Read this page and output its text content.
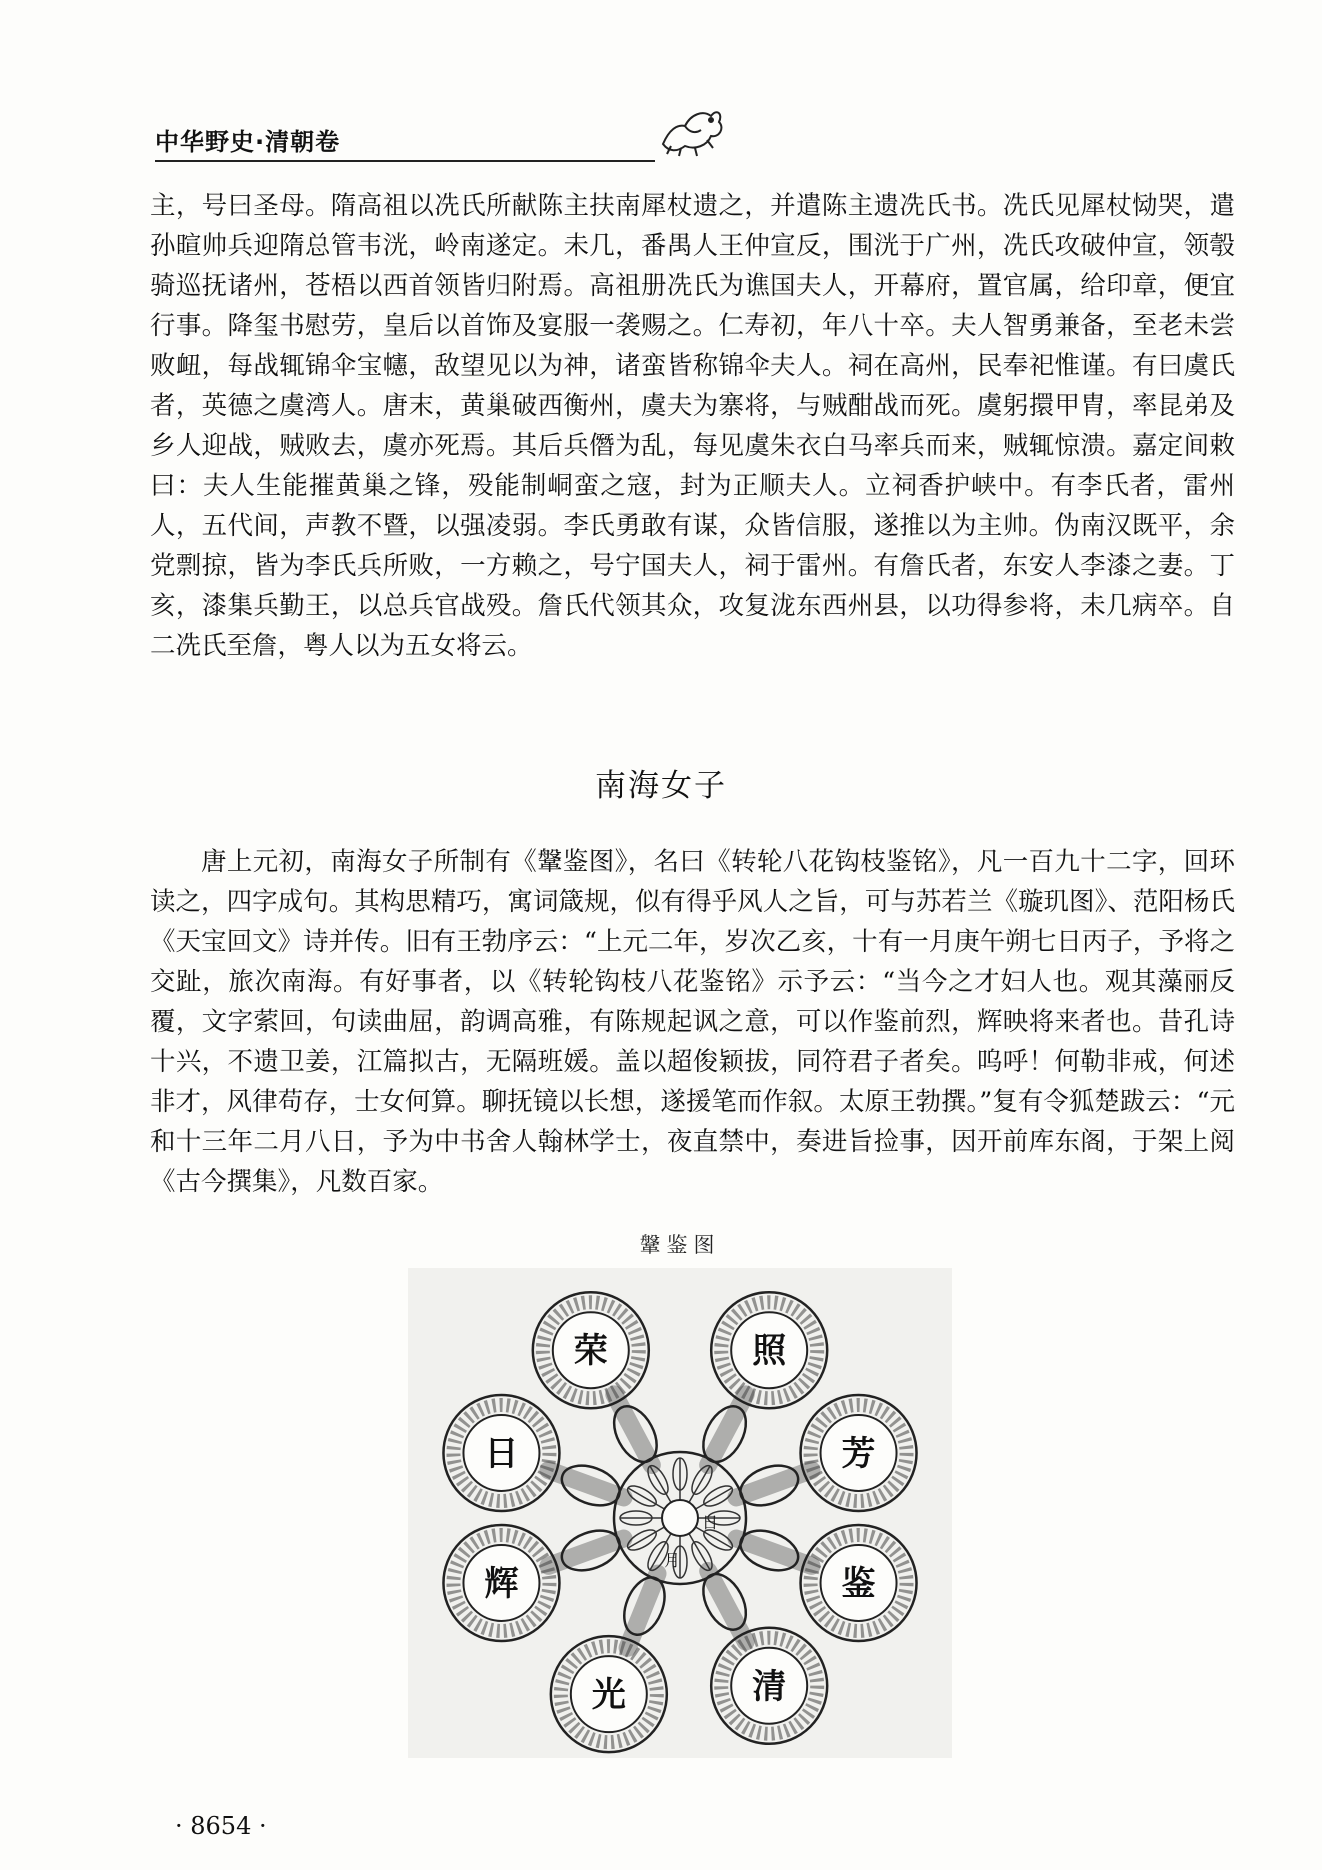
中华野史·清朝卷

主，号曰圣母。隋高祖以冼氏所献陈主扶南犀杖遗之，并遣陈主遗冼氏书。冼氏见犀杖恸哭，遣孙暄帅兵迎隋总管韦洸，岭南遂定。未几，番禺人王仲宣反，围洸于广州，冼氏攻破仲宣，领彀骑巡抚诸州，苍梧以西首领皆归附焉。高祖册冼氏为谯国夫人，开幕府，置官属，给印章，便宜行事。降玺书慰劳，皇后以首饰及宴服一袭赐之。仁寿初，年八十卒。夫人智勇兼备，至老未尝败衄，每战辄锦伞宝幰，敌望见以为神，诸蛮皆称锦伞夫人。祠在高州，民奉祀惟谨。有曰虞氏者，英德之虞湾人。唐末，黄巢破西衡州，虞夫为寨将，与贼酣战而死。虞躬擐甲胄，率昆弟及乡人迎战，贼败去，虞亦死焉。其后兵僭为乱，每见虞朱衣白马率兵而来，贼辄惊溃。嘉定间敕曰：夫人生能摧黄巢之锋，殁能制峒蛮之寇，封为正顺夫人。立祠香护峡中。有李氏者，雷州人，五代间，声教不暨，以强凌弱。李氏勇敢有谋，众皆信服，遂推以为主帅。伪南汉既平，余党剽掠，皆为李氏兵所败，一方赖之，号宁国夫人，祠于雷州。有詹氏者，东安人李漆之妻。丁亥，漆集兵勤王，以总兵官战殁。詹氏代领其众，攻复泷东西州县，以功得参将，未几病卒。自二冼氏至詹，粤人以为五女将云。

南海女子

唐上元初，南海女子所制有《鞶鉴图》，名曰《转轮八花钩枝鉴铭》，凡一百九十二字，回环读之，四字成句。其构思精巧，寓词箴规，似有得乎风人之旨，可与苏若兰《璇玑图》、范阳杨氏《天宝回文》诗并传。旧有王勃序云：“上元二年，岁次乙亥，十有一月庚午朔七日丙子，予将之交趾，旅次南海。有好事者，以《转轮钩枝八花鉴铭》示予云：“当今之才妇人也。观其藻丽反覆，文字萦回，句读曲屈，韵调高雅，有陈规起讽之意，可以作鉴前烈，辉映将来者也。昔孔诗十兴，不遗卫姜，江篇拟古，无隔班媛。盖以超俊颖拔，同符君子者矣。呜呼！何勒非戒，何述非才，风律苟存，士女何算。聊抚镜以长想，遂援笔而作叙。太原王勃撰。”复有令狐楚跋云：“元和十三年二月八日，予为中书舍人翰林学士，夜直禁中，奏进旨捡事，因开前库东阁，于架上阅《古今撰集》，凡数百家。

鞶鉴图
荣
光
日
照
辉
清
鉴
芳
月
日
· 8654 ·
